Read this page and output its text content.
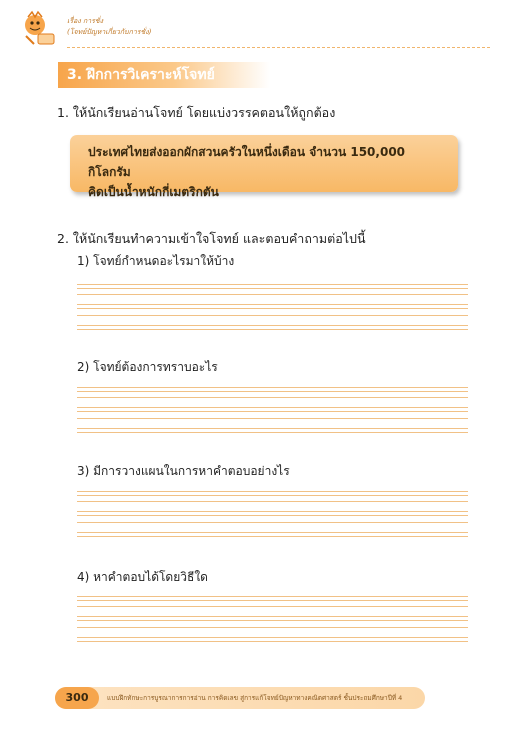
เรื่อง การชั่ง
(โจทย์ปัญหาเกี่ยวกับการชั่ง)
3. ฝึกการวิเคราะห์โจทย์
1. ให้นักเรียนอ่านโจทย์ โดยแบ่งวรรคตอนให้ถูกต้อง
ประเทศไทยส่งออกผักสวนครัวในหนึ่งเดือน จำนวน 150,000 กิโลกรัม
คิดเป็นน้ำหนักกี่เมตริกตัน
2. ให้นักเรียนทำความเข้าใจโจทย์ และตอบคำถามต่อไปนี้
1) โจทย์กำหนดอะไรมาให้บ้าง
2) โจทย์ต้องการทราบอะไร
3) มีการวางแผนในการหาคำตอบอย่างไร
4) หาคำตอบได้โดยวิธีใด
300	แบบฝึกทักษะการบูรณาการการอ่าน การคิดเลข สู่การแก้โจทย์ปัญหาทางคณิตศาสตร์ ชั้นประถมศึกษาปีที่ 4
